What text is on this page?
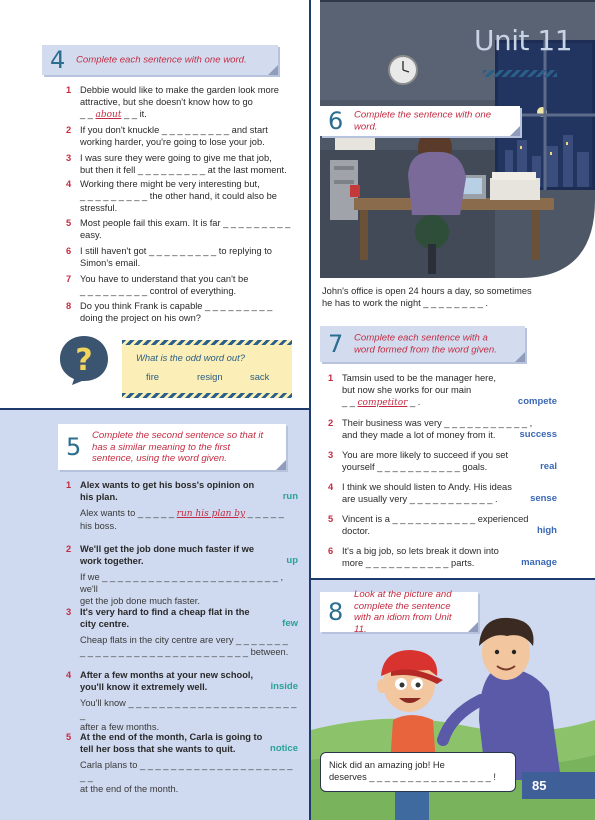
Unit 11
4 Complete each sentence with one word.
1 Debbie would like to make the garden look more
attractive, but she doesn't know how to go
_ _ about _ _ it.
2 If you don't knuckle _ _ _ _ _ _ _ _ _ and start
working harder, you're going to lose your job.
3 I was sure they were going to give me that job,
but then it fell _ _ _ _ _ _ _ _ _ at the last moment.
4 Working there might be very interesting but,
_ _ _ _ _ _ _ _ _ the other hand, it could also be
stressful.
5 Most people fail this exam. It is far _ _ _ _ _ _ _ _ _
easy.
6 I still haven't got _ _ _ _ _ _ _ _ _ to replying to
Simon's email.
7 You have to understand that you can't be
_ _ _ _ _ _ _ _ _ control of everything.
8 Do you think Frank is capable _ _ _ _ _ _ _ _ _
doing the project on his own?
?	What is the odd word out?
fire	resign	sack
5 Complete the second sentence so that it has a similar meaning to the first sentence, using the word given.
1 Alex wants to get his boss's opinion on
his plan.	run
Alex wants to _ _ _ _ _ run his plan by _ _ _ _ _
his boss.
2 We'll get the job done much faster if we
work together.	up
If we _ _ _ _ _ _ _ _ _ _ _ _ _ _ _ _ _ _ _ _ _ _ _ , we'll
get the job done much faster.
3 It's very hard to find a cheap flat in the
city centre.	few
Cheap flats in the city centre are very _ _ _ _ _ _ _
_ _ _ _ _ _ _ _ _ _ _ _ _ _ _ _ _ _ _ _ _ _ between.
4 After a few months at your new school,
you'll know it extremely well.	inside
You'll know _ _ _ _ _ _ _ _ _ _ _ _ _ _ _ _ _ _ _ _ _ _ _
after a few months.
5 At the end of the month, Carla is going to
tell her boss that she wants to quit.	notice
Carla plans to _ _ _ _ _ _ _ _ _ _ _ _ _ _ _ _ _ _ _ _ _ _
at the end of the month.
6 Complete the sentence with one word.
John's office is open 24 hours a day, so sometimes
he has to work the night _ _ _ _ _ _ _ _ .
7 Complete each sentence with a word formed from the word given.
1 Tamsin used to be the manager here,
but now she works for our main
_ _ competitor _ .	compete
2 Their business was very _ _ _ _ _ _ _ _ _ _ _ ,
and they made a lot of money from it.	success
3 You are more likely to succeed if you set
yourself _ _ _ _ _ _ _ _ _ _ _ goals.	real
4 I think we should listen to Andy. His ideas
are usually very _ _ _ _ _ _ _ _ _ _ _ .	sense
5 Vincent is a _ _ _ _ _ _ _ _ _ _ _ experienced
doctor.	high
6 It's a big job, so lets break it down into
more _ _ _ _ _ _ _ _ _ _ _ parts.	manage
8
Look at the picture and complete the sentence with an idiom from Unit 11.
Nick did an amazing job! He
deserves _ _ _ _ _ _ _ _ _ _ _ _ _ _ _ _ !
85
